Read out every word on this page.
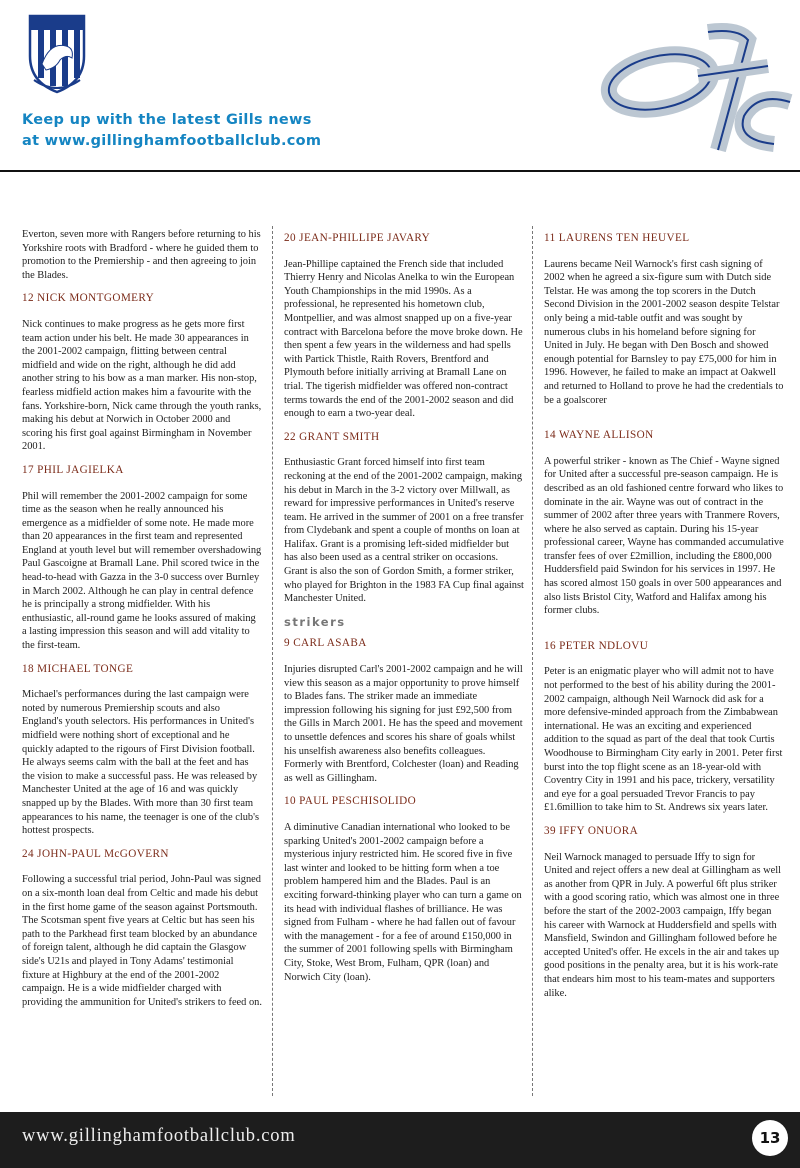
Keep up with the latest Gills news
at www.gillinghamfootballclub.com

Everton, seven more with Rangers before returning to his Yorkshire roots with Bradford - where he guided them to promotion to the Premiership - and then agreeing to join the Blades.

12 NICK MONTGOMERY

Nick continues to make progress as he gets more first team action under his belt. He made 30 appearances in the 2001-2002 campaign, flitting between central midfield and wide on the right, although he did add another string to his bow as a man marker. His non-stop, fearless midfield action makes him a favourite with the fans. Yorkshire-born, Nick came through the youth ranks, making his debut at Norwich in October 2000 and scoring his first goal against Birmingham in November 2001.

17 PHIL JAGIELKA

Phil will remember the 2001-2002 campaign for some time as the season when he really announced his emergence as a midfielder of some note. He made more than 20 appearances in the first team and represented England at youth level but will remember overshadowing Paul Gascoigne at Bramall Lane. Phil scored twice in the head-to-head with Gazza in the 3-0 success over Burnley in March 2002. Although he can play in central defence he is principally a strong midfielder. With his enthusiastic, all-round game he looks assured of making a lasting impression this season and will add vitality to the first-team.

18 MICHAEL TONGE

Michael's performances during the last campaign were noted by numerous Premiership scouts and also England's youth selectors. His performances in United's midfield were nothing short of exceptional and he quickly adapted to the rigours of First Division football. He always seems calm with the ball at the feet and has the vision to make a successful pass. He was released by Manchester United at the age of 16 and was quickly snapped up by the Blades. With more than 30 first team appearances to his name, the teenager is one of the club's hottest prospects.

24 JOHN-PAUL McGOVERN

Following a successful trial period, John-Paul was signed on a six-month loan deal from Celtic and made his debut in the first home game of the season against Portsmouth. The Scotsman spent five years at Celtic but has seen his path to the Parkhead first team blocked by an abundance of foreign talent, although he did captain the Glasgow side's U21s and played in Tony Adams' testimonial fixture at Highbury at the end of the 2001-2002 campaign. He is a wide midfielder charged with providing the ammunition for United's strikers to feed on.

20 JEAN-PHILLIPE JAVARY

Jean-Phillipe captained the French side that included Thierry Henry and Nicolas Anelka to win the European Youth Championships in the mid 1990s. As a professional, he represented his hometown club, Montpellier, and was almost snapped up on a five-year contract with Barcelona before the move broke down. He then spent a few years in the wilderness and had spells with Partick Thistle, Raith Rovers, Brentford and Plymouth before initially arriving at Bramall Lane on trial. The tigerish midfielder was offered non-contract terms towards the end of the 2001-2002 season and did enough to earn a two-year deal.

22 GRANT SMITH

Enthusiastic Grant forced himself into first team reckoning at the end of the 2001-2002 campaign, making his debut in March in the 3-2 victory over Millwall, as reward for impressive performances in United's reserve team. He arrived in the summer of 2001 on a free transfer from Clydebank and spent a couple of months on loan at Halifax. Grant is a promising left-sided midfielder but has also been used as a central striker on occasions. Grant is also the son of Gordon Smith, a former striker, who played for Brighton in the 1983 FA Cup final against Manchester United.

strikers
9 CARL ASABA

Injuries disrupted Carl's 2001-2002 campaign and he will view this season as a major opportunity to prove himself to Blades fans. The striker made an immediate impression following his signing for just £92,500 from the Gills in March 2001. He has the speed and movement to unsettle defences and scores his share of goals whilst his unselfish awareness also benefits colleagues. Formerly with Brentford, Colchester (loan) and Reading as well as Gillingham.

10 PAUL PESCHISOLIDO

A diminutive Canadian international who looked to be sparking United's 2001-2002 campaign before a mysterious injury restricted him. He scored five in five last winter and looked to be hitting form when a toe problem hampered him and the Blades. Paul is an exciting forward-thinking player who can turn a game on its head with individual flashes of brilliance. He was signed from Fulham - where he had fallen out of favour with the management - for a fee of around £150,000 in the summer of 2001 following spells with Birmingham City, Stoke, West Brom, Fulham, QPR (loan) and Norwich City (loan).

11 LAURENS TEN HEUVEL

Laurens became Neil Warnock's first cash signing of 2002 when he agreed a six-figure sum with Dutch side Telstar. He was among the top scorers in the Dutch Second Division in the 2001-2002 season despite Telstar only being a mid-table outfit and was sought by numerous clubs in his homeland before signing for United in July. He began with Den Bosch and showed enough potential for Barnsley to pay £75,000 for him in 1996. However, he failed to make an impact at Oakwell and returned to Holland to prove he had the credentials to be a goalscorer

14 WAYNE ALLISON

A powerful striker - known as The Chief - Wayne signed for United after a successful pre-season campaign. He is described as an old fashioned centre forward who likes to dominate in the air. Wayne was out of contract in the summer of 2002 after three years with Tranmere Rovers, where he also served as captain. During his 15-year professional career, Wayne has commanded accumulative transfer fees of over £2million, including the £800,000 Huddersfield paid Swindon for his services in 1997. He has scored almost 150 goals in over 500 appearances and also lists Bristol City, Watford and Halifax among his former clubs.

16 PETER NDLOVU

Peter is an enigmatic player who will admit not to have not performed to the best of his ability during the 2001-2002 campaign, although Neil Warnock did ask for a more defensive-minded approach from the Zimbabwean international. He was an exciting and experienced addition to the squad as part of the deal that took Curtis Woodhouse to Birmingham City early in 2001. Peter first burst into the top flight scene as an 18-year-old with Coventry City in 1991 and his pace, trickery, versatility and eye for a goal persuaded Trevor Francis to pay £1.6million to take him to St. Andrews six years later.

39 IFFY ONUORA

Neil Warnock managed to persuade Iffy to sign for United and reject offers a new deal at Gillingham as well as another from QPR in July. A powerful 6ft plus striker with a good scoring ratio, which was almost one in three before the start of the 2002-2003 campaign, Iffy began his career with Warnock at Huddersfield and spells with Mansfield, Swindon and Gillingham followed before he accepted United's offer. He excels in the air and takes up good positions in the penalty area, but it is his work-rate that endears him most to his team-mates and supporters alike.

www.gillinghamfootballclub.com	13
